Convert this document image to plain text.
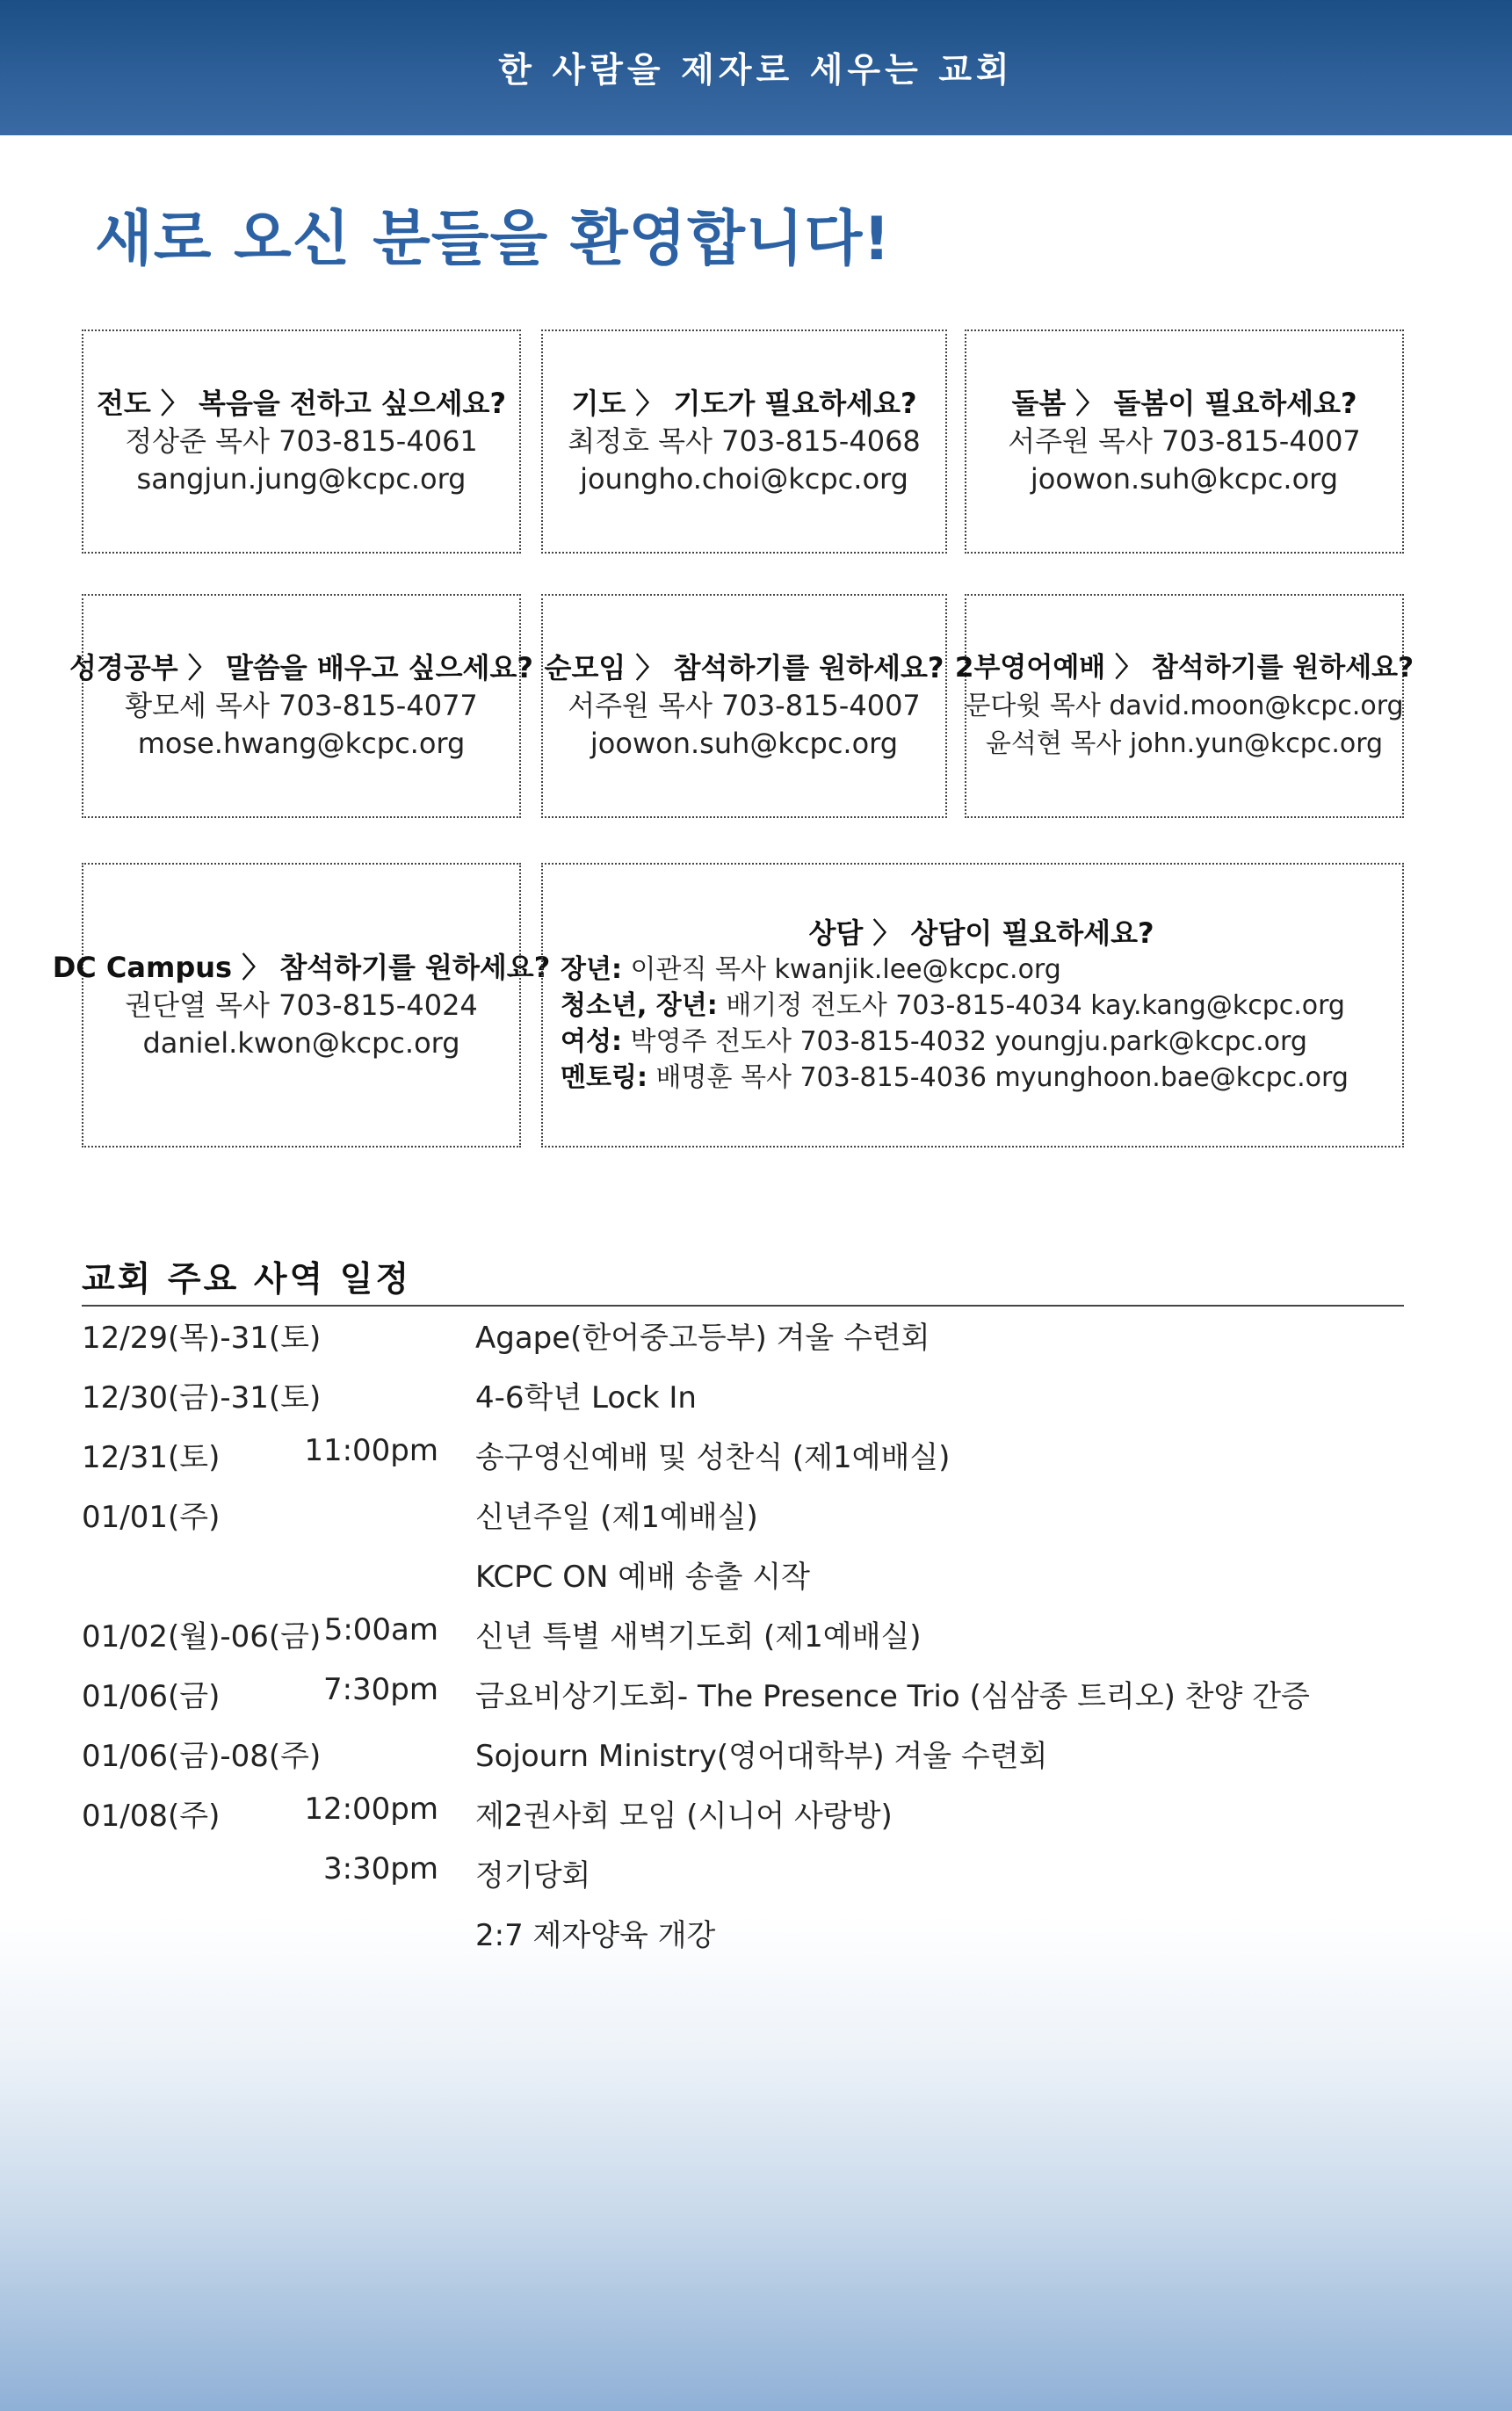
한 사람을 제자로 세우는 교회
새로 오신 분들을 환영합니다!
전도 〉 복음을 전하고 싶으세요?
정상준 목사 703-815-4061
sangjun.jung@kcpc.org
기도 〉 기도가 필요하세요?
최정호 목사 703-815-4068
joungho.choi@kcpc.org
돌봄 〉 돌봄이 필요하세요?
서주원 목사 703-815-4007
joowon.suh@kcpc.org
성경공부 〉 말씀을 배우고 싶으세요?
황모세 목사 703-815-4077
mose.hwang@kcpc.org
순모임 〉 참석하기를 원하세요?
서주원 목사 703-815-4007
joowon.suh@kcpc.org
2부영어예배 〉 참석하기를 원하세요?
문다윗 목사 david.moon@kcpc.org
윤석현 목사 john.yun@kcpc.org
DC Campus 〉 참석하기를 원하세요?
권단열 목사 703-815-4024
daniel.kwon@kcpc.org
상담 〉 상담이 필요하세요?
장년: 이관직 목사 kwanjik.lee@kcpc.org
청소년, 장년: 배기정 전도사 703-815-4034 kay.kang@kcpc.org
여성: 박영주 전도사 703-815-4032 youngju.park@kcpc.org
멘토링: 배명훈 목사 703-815-4036 myunghoon.bae@kcpc.org
교회 주요 사역 일정
12/29(목)-31(토)	Agape(한어중고등부) 겨울 수련회
12/30(금)-31(토)	4-6학년 Lock In
12/31(토)	11:00pm 송구영신예배 및 성찬식 (제1예배실)
01/01(주)	신년주일 (제1예배실)
KCPC ON 예배 송출 시작
01/02(월)-06(금) 5:00am 신년 특별 새벽기도회 (제1예배실)
01/06(금)	7:30pm 금요비상기도회- The Presence Trio (심삼종 트리오) 찬양 간증
01/06(금)-08(주)	Sojourn Ministry(영어대학부) 겨울 수련회
01/08(주)	12:00pm 제2권사회 모임 (시니어 사랑방)
3:30pm 정기당회
2:7 제자양육 개강
